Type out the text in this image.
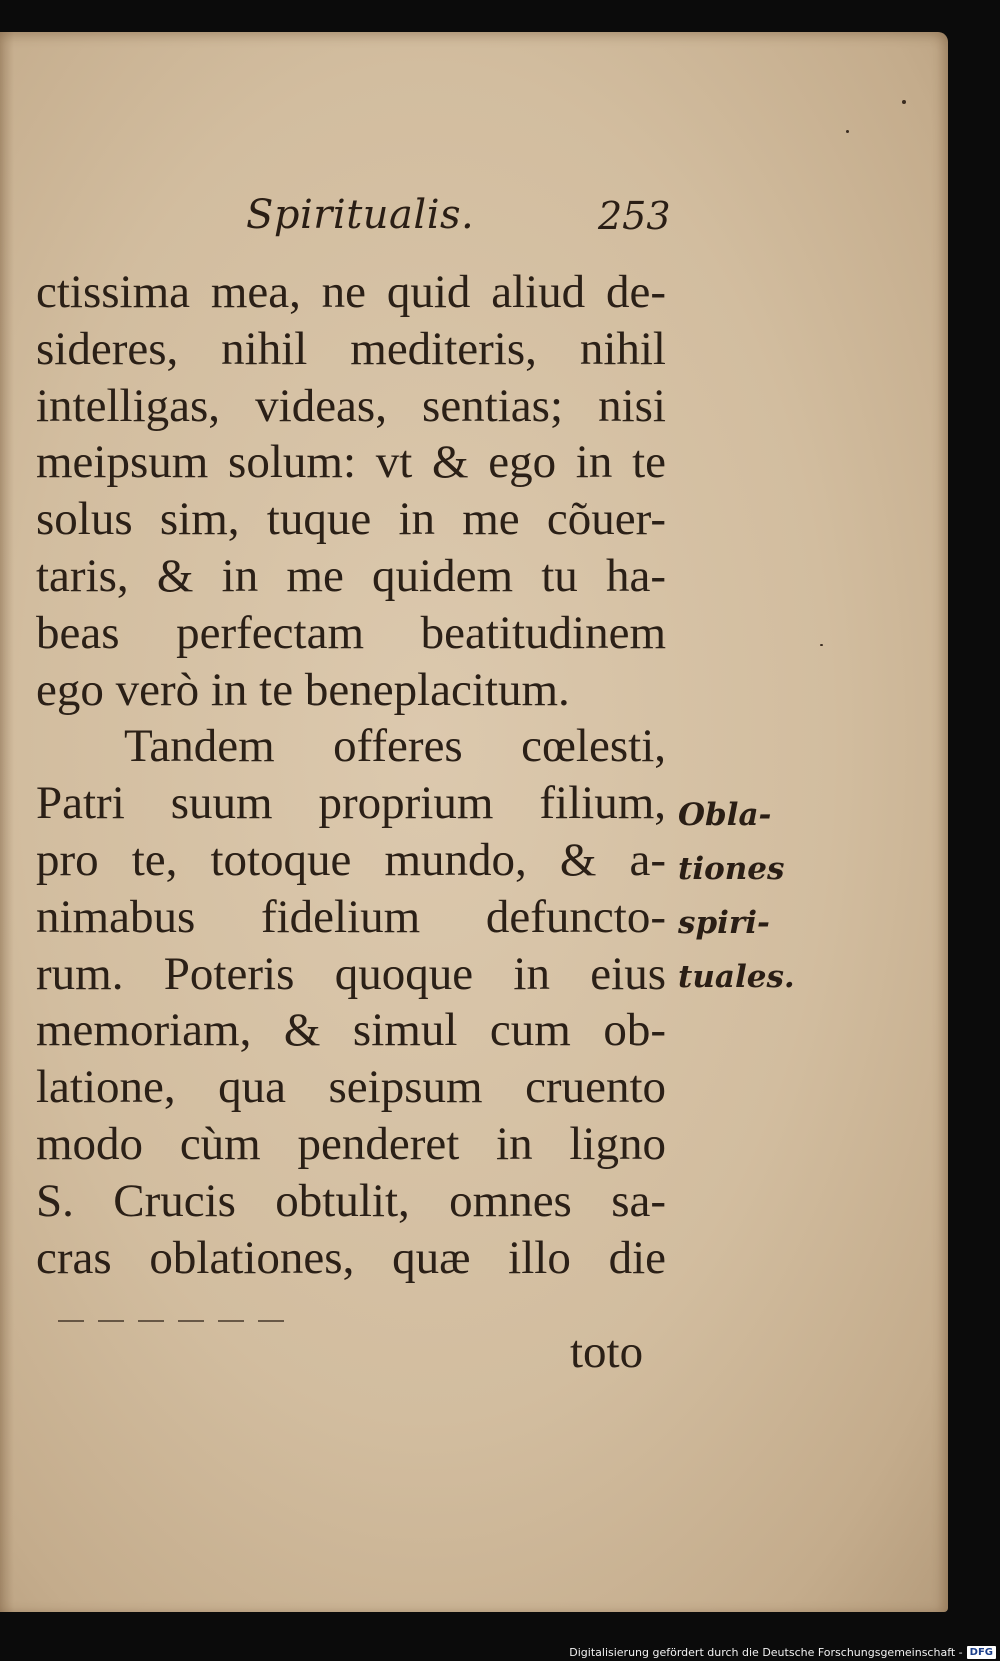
Spiritualis.	253
ctissima mea, ne quid aliud de-
sideres, nihil mediteris, nihil
intelligas, videas, sentias; nisi
meipsum solum: vt & ego in te
solus sim, tuque in me cõuer-
taris, & in me quidem tu ha-
beas perfectam beatitudinem
ego verò in te beneplacitum.
Tandem offeres cœlesti,
Patri suum proprium filium,
pro te, totoque mundo, & a-
nimabus fidelium defuncto-
rum. Poteris quoque in eius
memoriam, & simul cum ob-
latione, qua seipsum cruento
modo cùm penderet in ligno
S. Crucis obtulit, omnes sa-
cras oblationes, quæ illo die
toto
Obla-
tiones
spiri-
tuales.
Digitalisierung gefördert durch die Deutsche Forschungsgemeinschaft - DFG
